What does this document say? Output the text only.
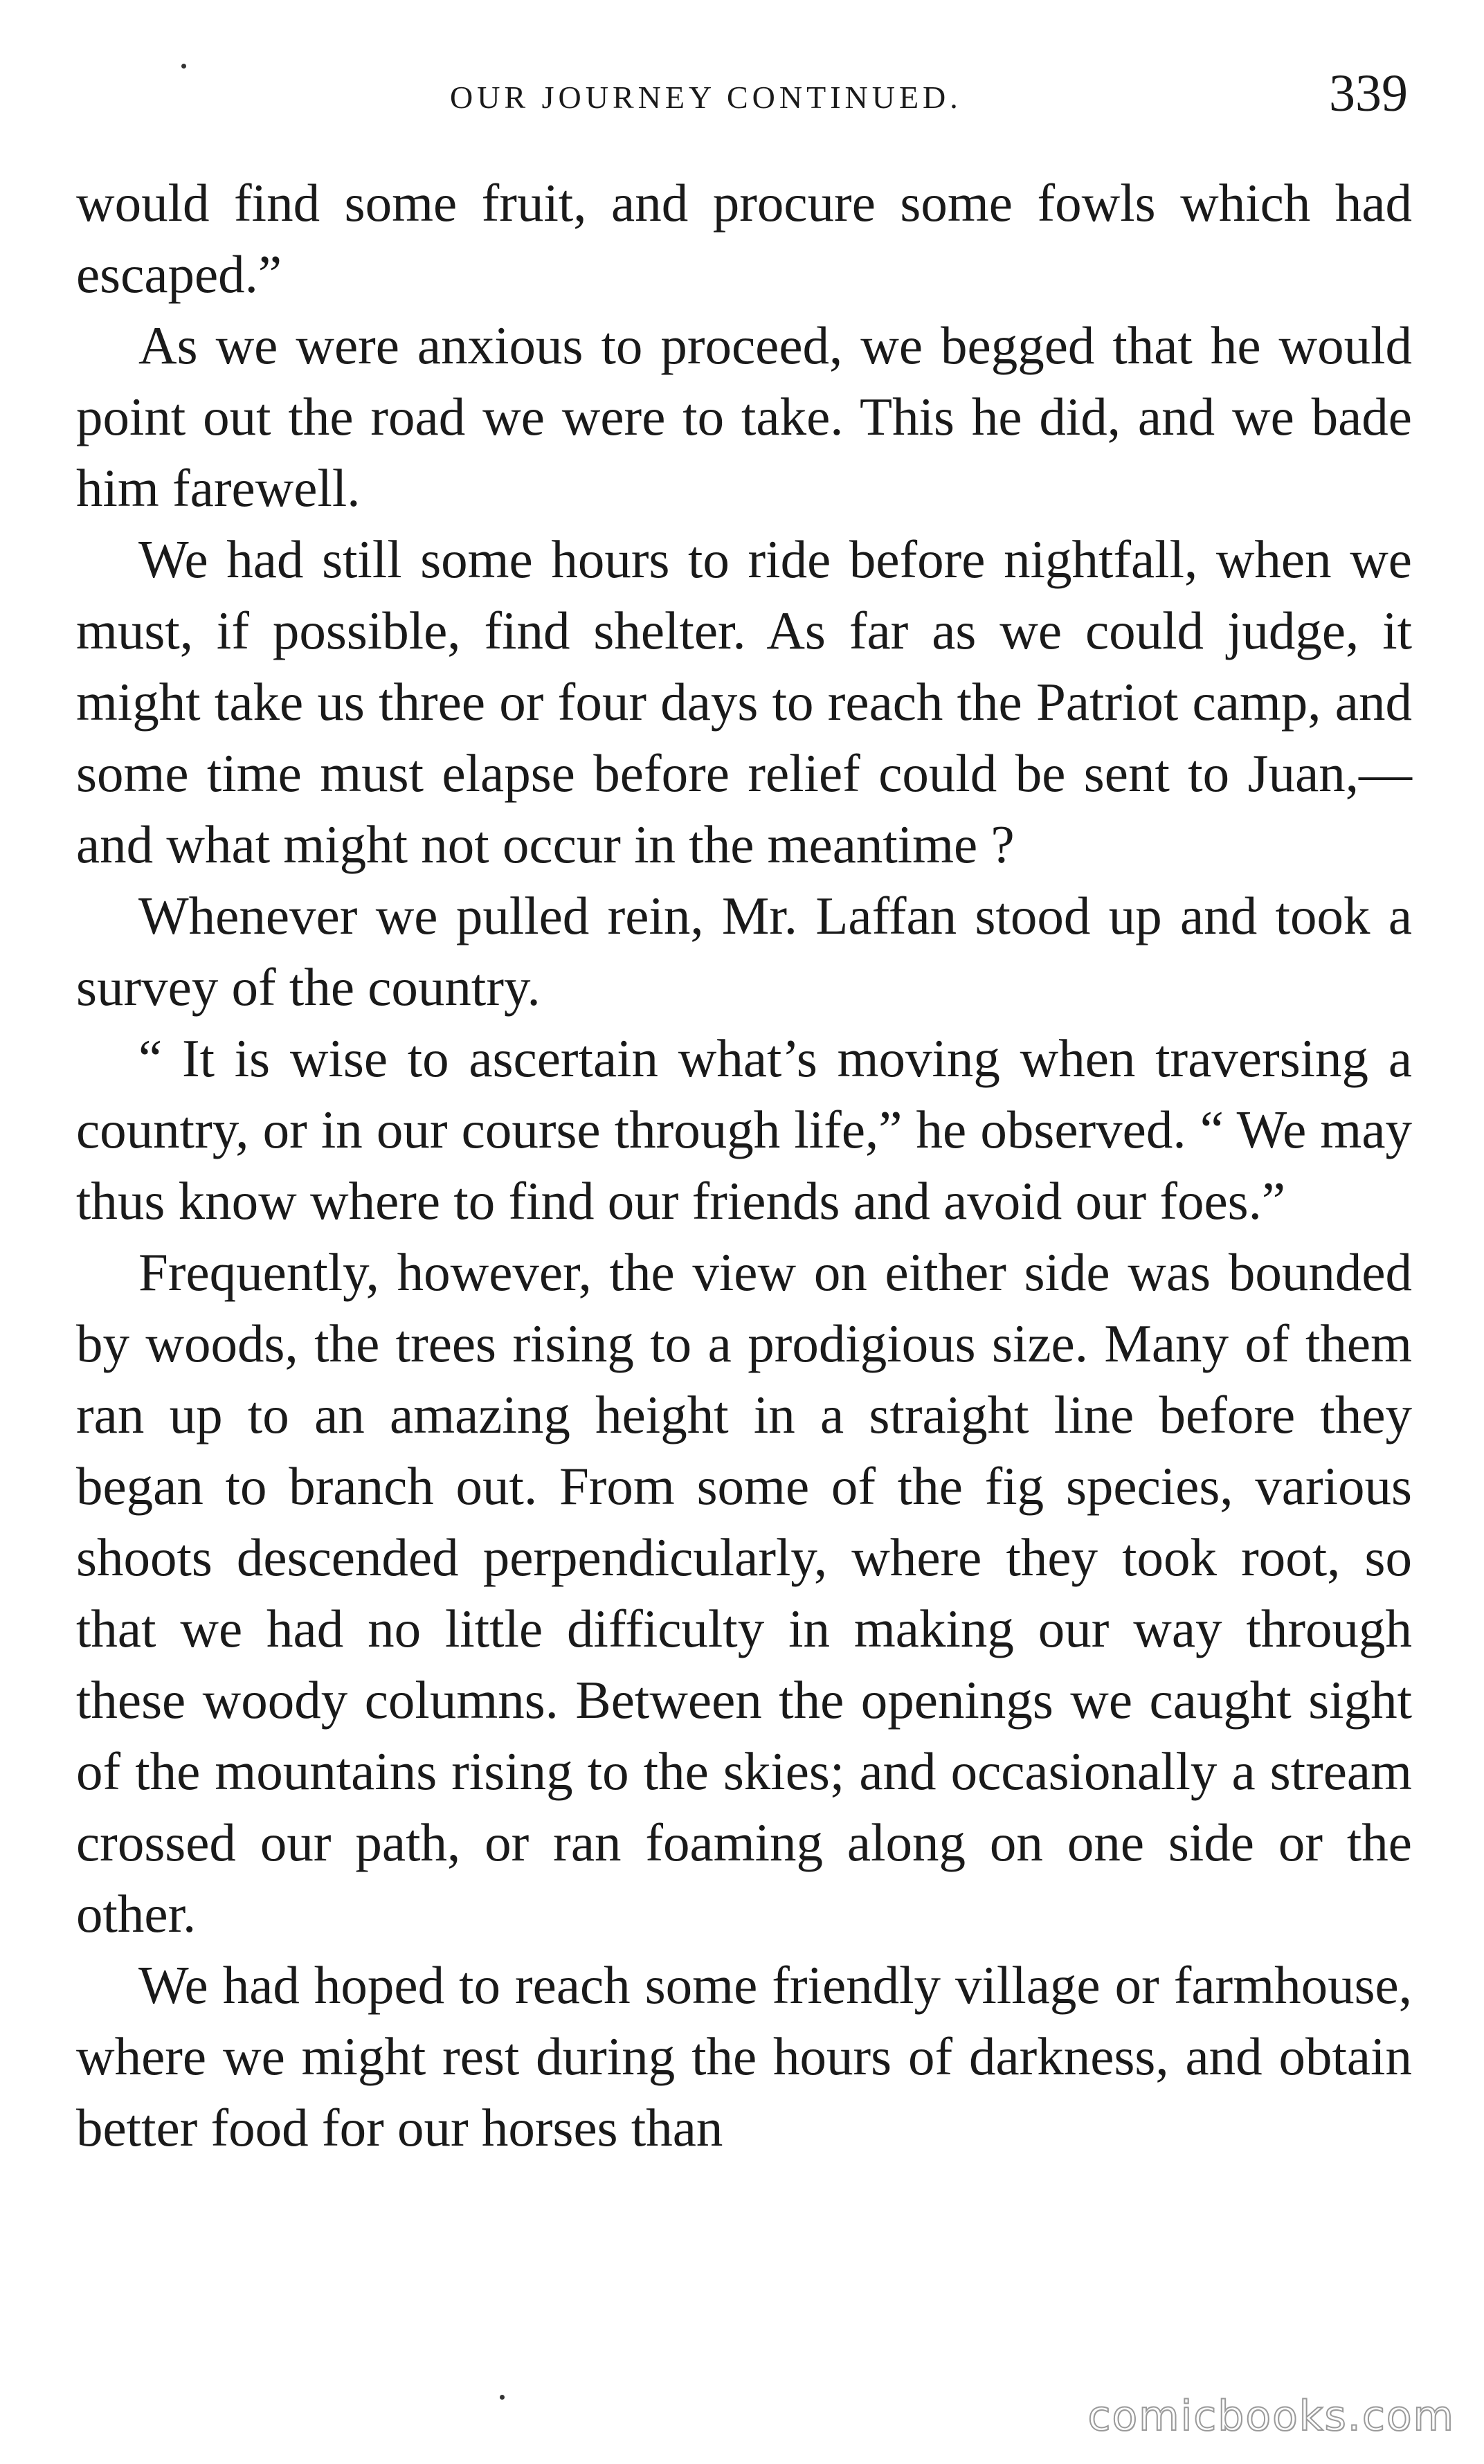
OUR JOURNEY CONTINUED.	339

would find some fruit, and procure some fowls which had escaped.”

As we were anxious to proceed, we begged that he would point out the road we were to take. This he did, and we bade him farewell.

We had still some hours to ride before nightfall, when we must, if possible, find shelter. As far as we could judge, it might take us three or four days to reach the Patriot camp, and some time must elapse before relief could be sent to Juan,—and what might not occur in the meantime ?

Whenever we pulled rein, Mr. Laffan stood up and took a survey of the country.

“ It is wise to ascertain what’s moving when traversing a country, or in our course through life,” he observed. “ We may thus know where to find our friends and avoid our foes.”

Frequently, however, the view on either side was bounded by woods, the trees rising to a prodigious size. Many of them ran up to an amazing height in a straight line before they began to branch out. From some of the fig species, various shoots descended perpendicularly, where they took root, so that we had no little difficulty in making our way through these woody columns. Between the openings we caught sight of the mountains rising to the skies; and occasionally a stream crossed our path, or ran foaming along on one side or the other.

We had hoped to reach some friendly village or farmhouse, where we might rest during the hours of darkness, and obtain better food for our horses than

comicbooks.com
